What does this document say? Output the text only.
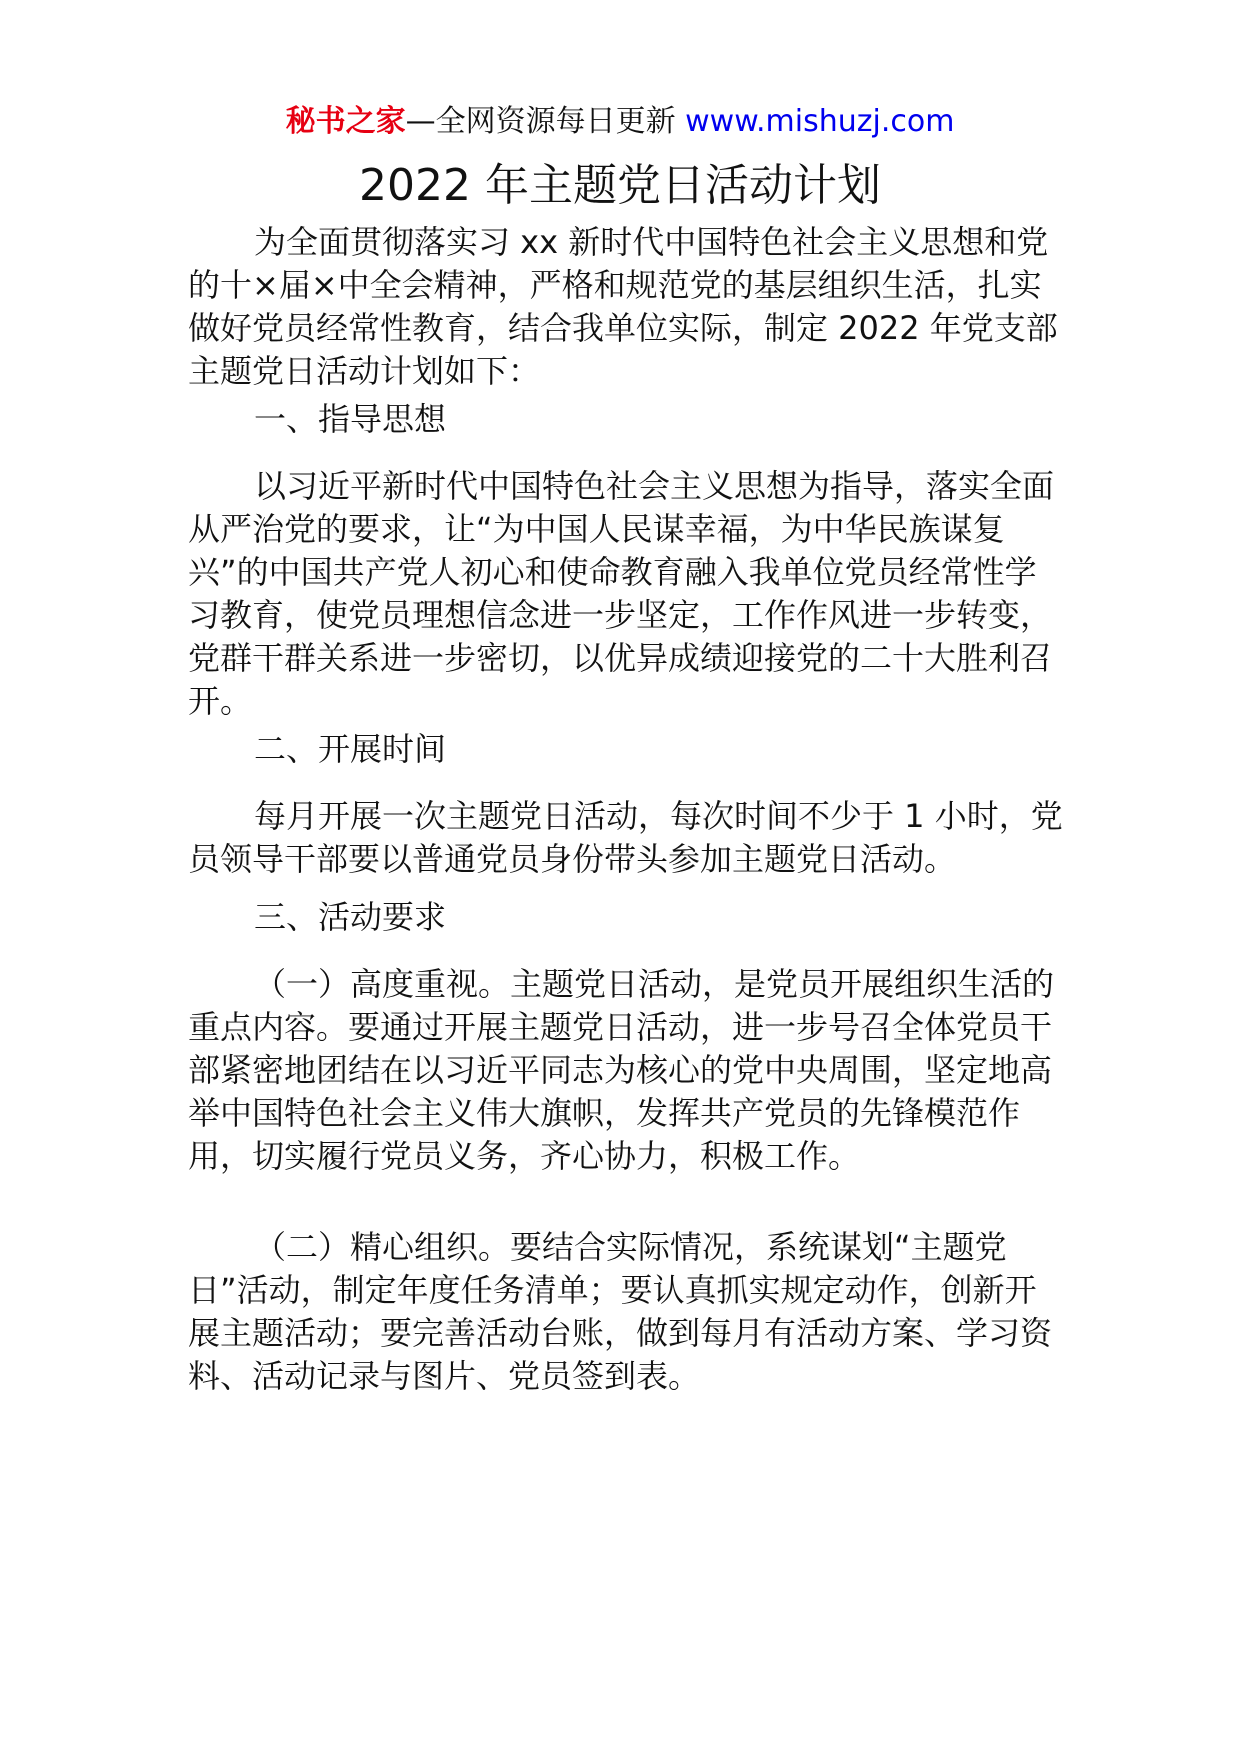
秘书之家—全网资源每日更新 www.mishuzj.com
2022 年主题党日活动计划

为全面贯彻落实习 xx 新时代中国特色社会主义思想和党的十×届×中全会精神，严格和规范党的基层组织生活，扎实做好党员经常性教育，结合我单位实际，制定 2022 年党支部主题党日活动计划如下：

一、指导思想

以习近平新时代中国特色社会主义思想为指导，落实全面从严治党的要求，让“为中国人民谋幸福，为中华民族谋复兴”的中国共产党人初心和使命教育融入我单位党员经常性学习教育，使党员理想信念进一步坚定，工作作风进一步转变，党群干群关系进一步密切，以优异成绩迎接党的二十大胜利召开。

二、开展时间

每月开展一次主题党日活动，每次时间不少于 1 小时，党员领导干部要以普通党员身份带头参加主题党日活动。

三、活动要求

（一）高度重视。主题党日活动，是党员开展组织生活的重点内容。要通过开展主题党日活动，进一步号召全体党员干部紧密地团结在以习近平同志为核心的党中央周围，坚定地高举中国特色社会主义伟大旗帜，发挥共产党员的先锋模范作用，切实履行党员义务，齐心协力，积极工作。

（二）精心组织。要结合实际情况，系统谋划“主题党日”活动，制定年度任务清单；要认真抓实规定动作，创新开展主题活动；要完善活动台账，做到每月有活动方案、学习资料、活动记录与图片、党员签到表。
